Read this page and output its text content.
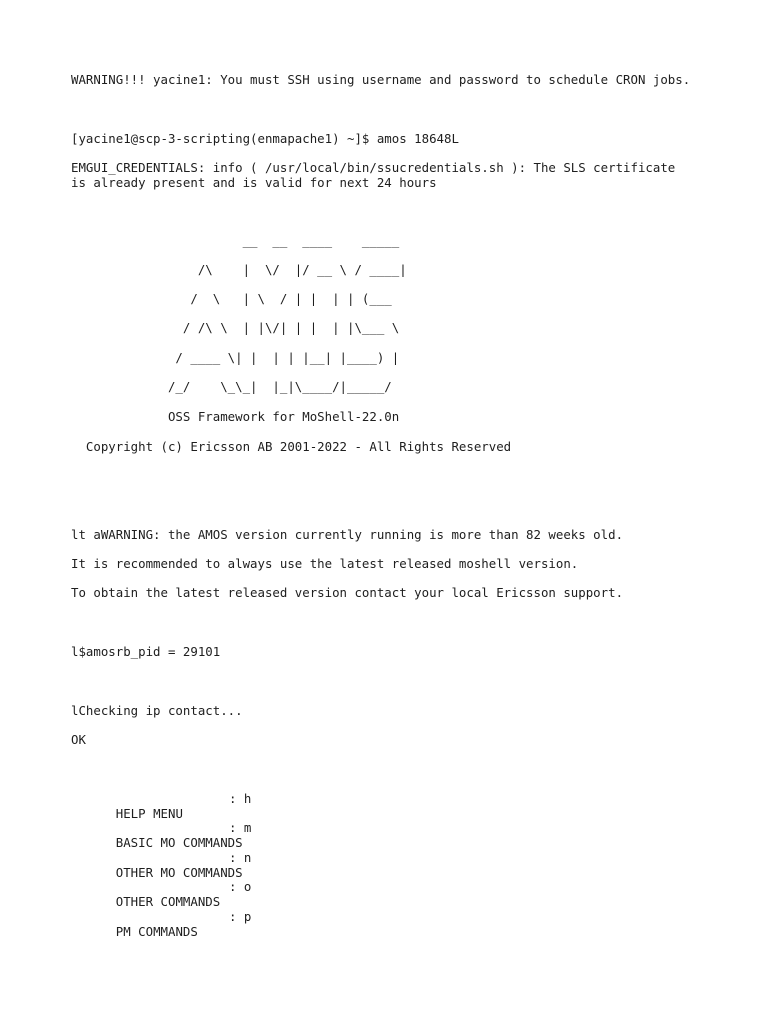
WARNING!!! yacine1: You must SSH using username and password to schedule CRON jobs.
[yacine1@scp-3-scripting(enmapache1) ~]$ amos 18648L
EMGUI_CREDENTIALS: info ( /usr/local/bin/ssucredentials.sh ): The SLS certificate
is already present and is valid for next 24 hours
__  __  ____    _____
/\    |  \/  |/ __ \ / ____|
/  \   | \  / | |  | | (___
/ /\ \  | |\/| | |  | |\___ \
/ ____ \| |  | | |__| |____) |
/_/    \_\_|  |_|\____/|_____/
OSS Framework for MoShell-22.0n
Copyright (c) Ericsson AB 2001-2022 - All Rights Reserved
lt aWARNING: the AMOS version currently running is more than 82 weeks old.
It is recommended to always use the latest released moshell version.
To obtain the latest released version contact your local Ericsson support.
l$amosrb_pid = 29101
lChecking ip contact...
OK

HELP MENU

: h

BASIC MO COMMANDS

: m

OTHER MO COMMANDS

: n

OTHER COMMANDS

: o

PM COMMANDS

: p
